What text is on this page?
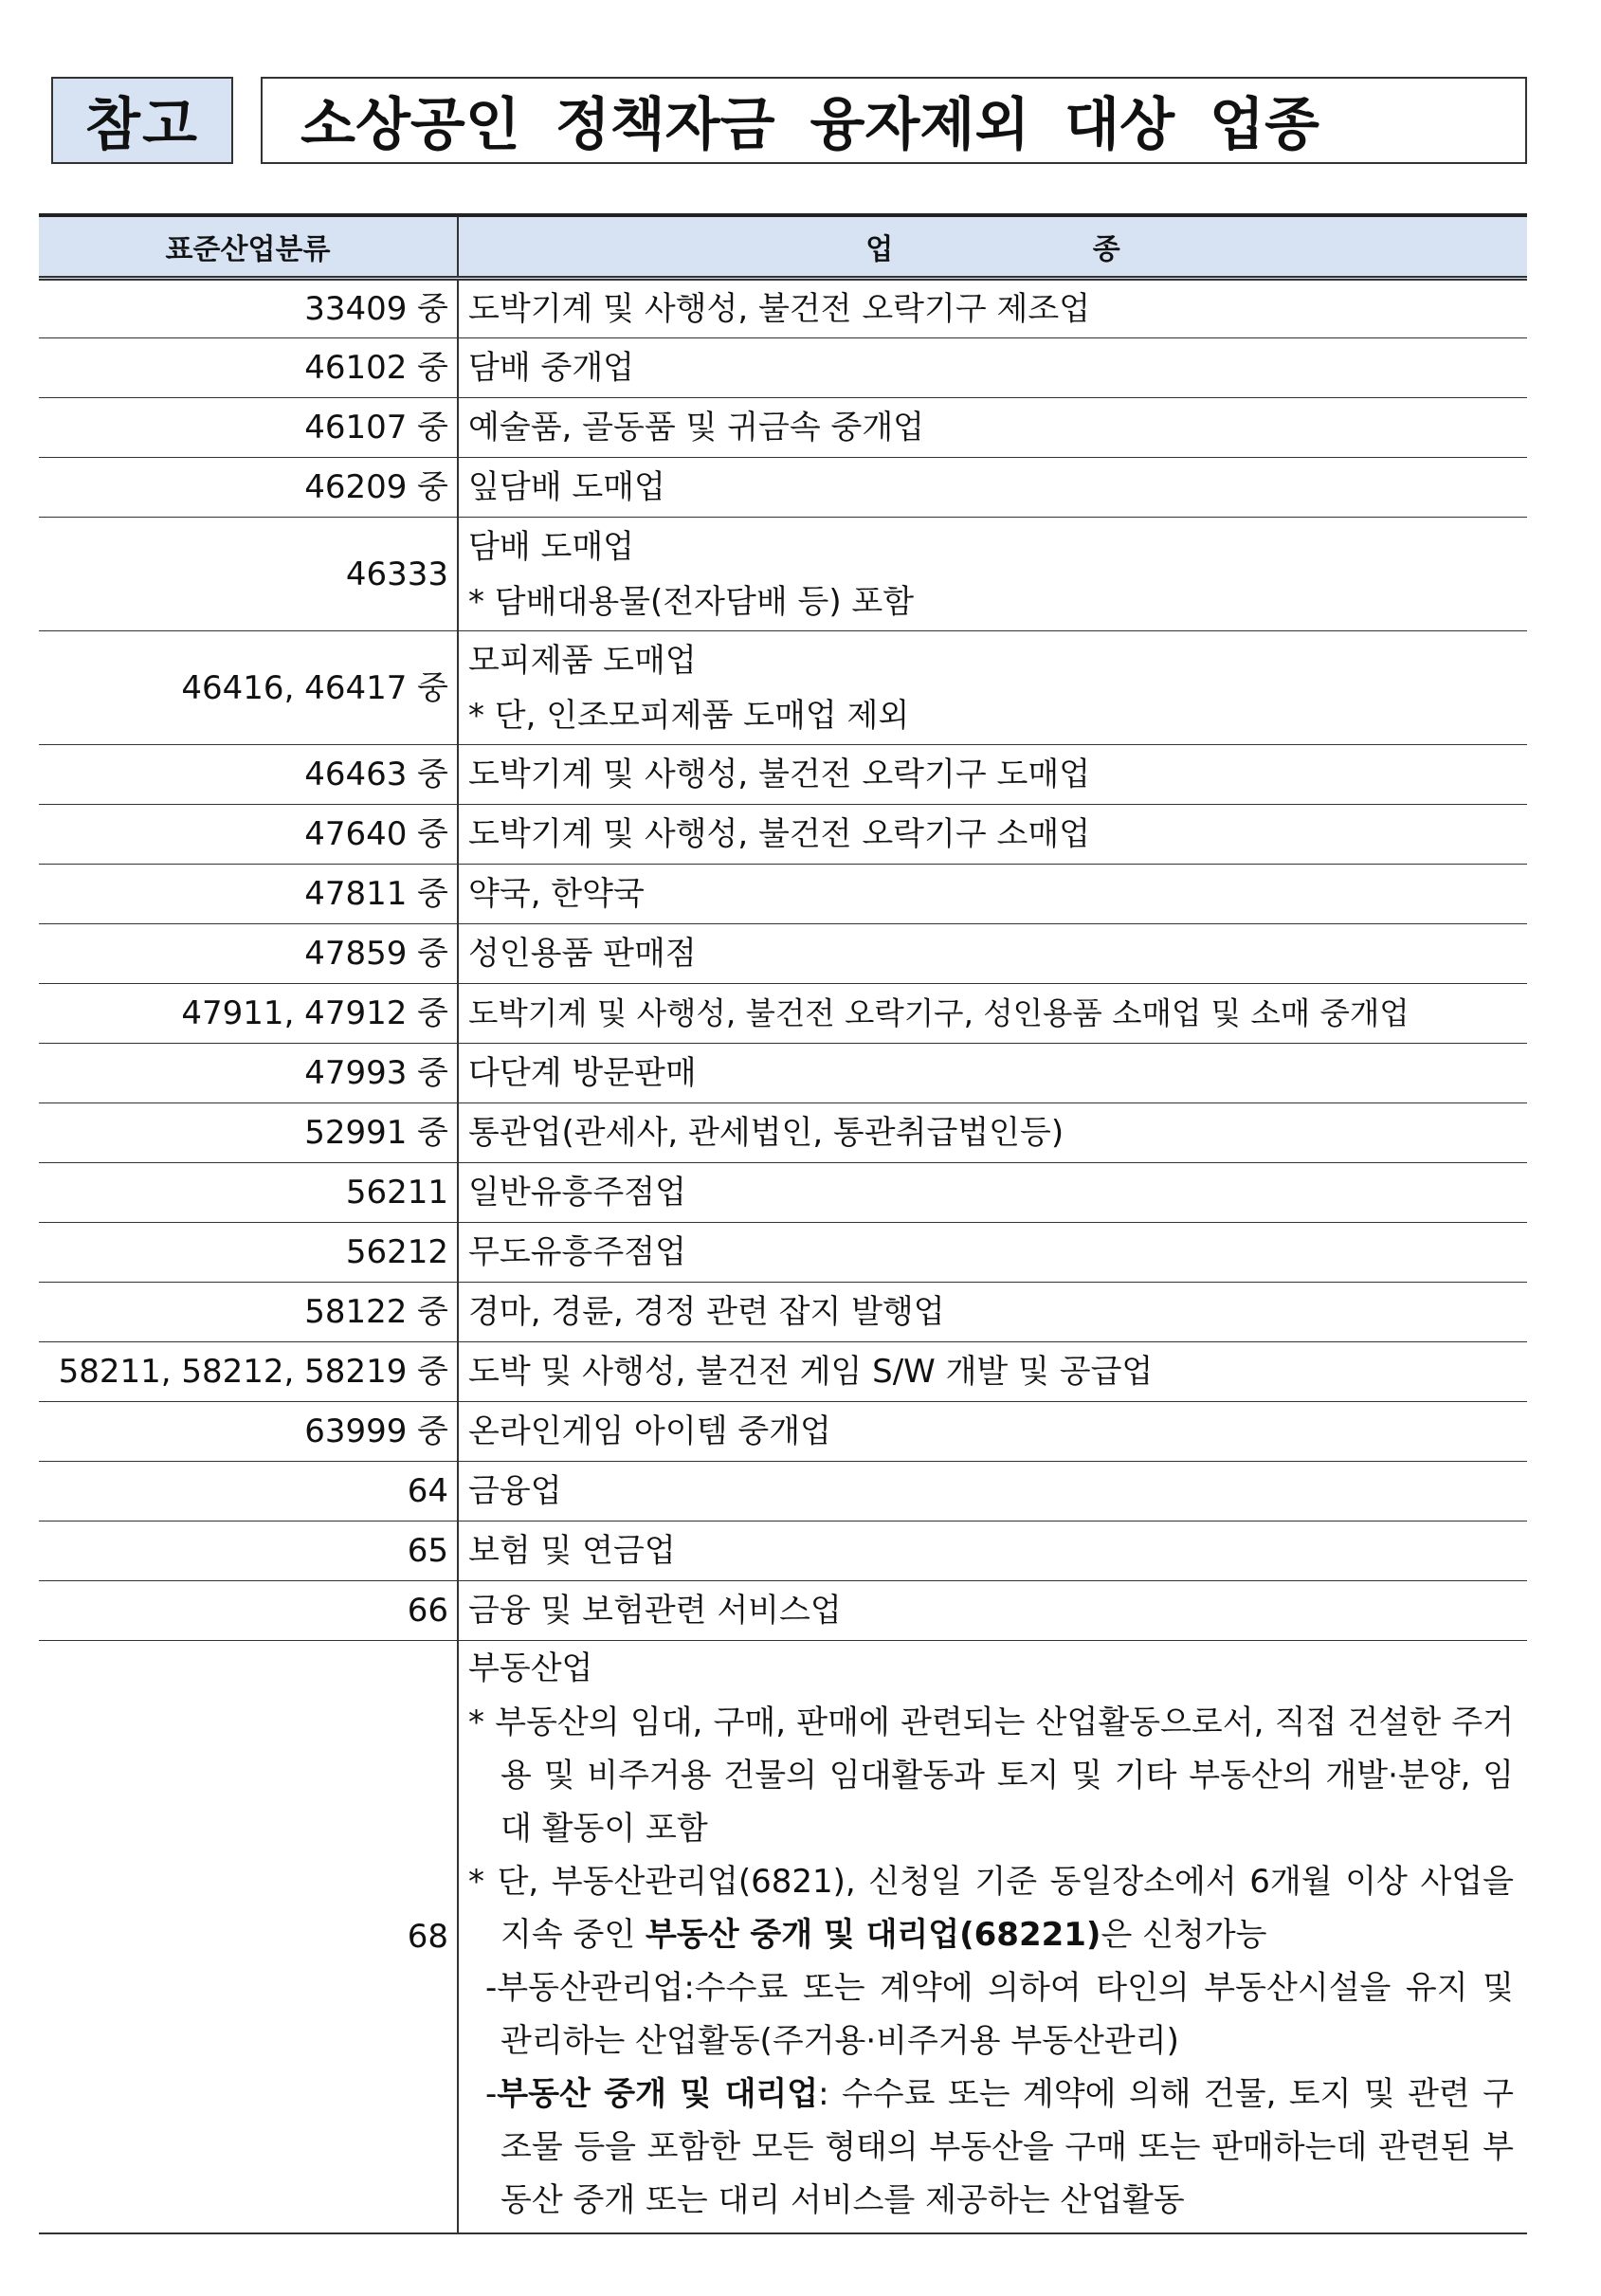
참고	소상공인 정책자금 융자제외 대상 업종
표준산업분류	업 종
33409 중	도박기계 및 사행성, 불건전 오락기구 제조업
46102 중	담배 중개업
46107 중	예술품, 골동품 및 귀금속 중개업
46209 중	잎담배 도매업
46333	담배 도매업
* 담배대용물(전자담배 등) 포함

46416, 46417 중	모피제품 도매업
* 단, 인조모피제품 도매업 제외

46463 중	도박기계 및 사행성, 불건전 오락기구 도매업
47640 중	도박기계 및 사행성, 불건전 오락기구 소매업
47811 중	약국, 한약국
47859 중	성인용품 판매점
47911, 47912 중	도박기계 및 사행성, 불건전 오락기구, 성인용품 소매업 및 소매 중개업
47993 중	다단계 방문판매
52991 중	통관업(관세사, 관세법인, 통관취급법인등)
56211	일반유흥주점업
56212	무도유흥주점업
58122 중	경마, 경륜, 경정 관련 잡지 발행업
58211, 58212, 58219 중	도박 및 사행성, 불건전 게임 S/W 개발 및 공급업
63999 중	온라인게임 아이템 중개업
64	금융업
65	보험 및 연금업
66	금융 및 보험관련 서비스업
68	부동산업
* 부동산의 임대, 구매, 판매에 관련되는 산업활동으로서, 직접 건설한 주거용 및 비주거용 건물의 임대활동과 토지 및 기타 부동산의 개발·분양, 임대 활동이 포함
* 단, 부동산관리업(6821), 신청일 기준 동일장소에서 6개월 이상 사업을 지속 중인 부동산 중개 및 대리업(68221)은 신청가능
-부동산관리업:수수료 또는 계약에 의하여 타인의 부동산시설을 유지 및 관리하는 산업활동(주거용·비주거용 부동산관리)
-부동산 중개 및 대리업: 수수료 또는 계약에 의해 건물, 토지 및 관련 구조물 등을 포함한 모든 형태의 부동산을 구매 또는 판매하는데 관련된 부동산 중개 또는 대리 서비스를 제공하는 산업활동
